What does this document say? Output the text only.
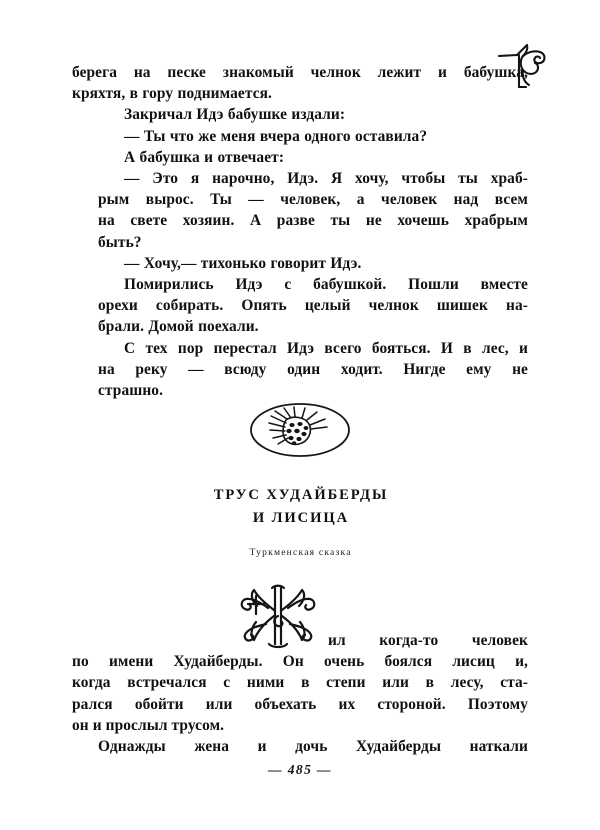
берега на песке знакомый челнок лежит и бабушка,
кряхтя, в гору поднимается.

Закричал Идэ бабушке издали:

— Ты что же меня вчера одного оставила?

А бабушка и отвечает:

— Это я нарочно, Идэ. Я хочу, чтобы ты храб-
рым вырос. Ты — человек, а человек над всем
на свете хозяин. А разве ты не хочешь храбрым
быть?

— Хочу,— тихонько говорит Идэ.

Помирились Идэ с бабушкой. Пошли вместе
орехи собирать. Опять целый челнок шишек на-
брали. Домой поехали.

С тех пор перестал Идэ всего бояться. И в лес, и
на реку — всюду один ходит. Нигде ему не
страшно.

ТРУС ХУДАЙБЕРДЫ
И ЛИСИЦА
Туркменская сказка

ил когда-то человек
по имени Худайберды. Он очень боялся лисиц и,
когда встречался с ними в степи или в лесу, ста-
рался обойти или объехать их стороной. Поэтому
он и прослыл трусом.

Однажды жена и дочь Худайберды наткали

— 485 —
